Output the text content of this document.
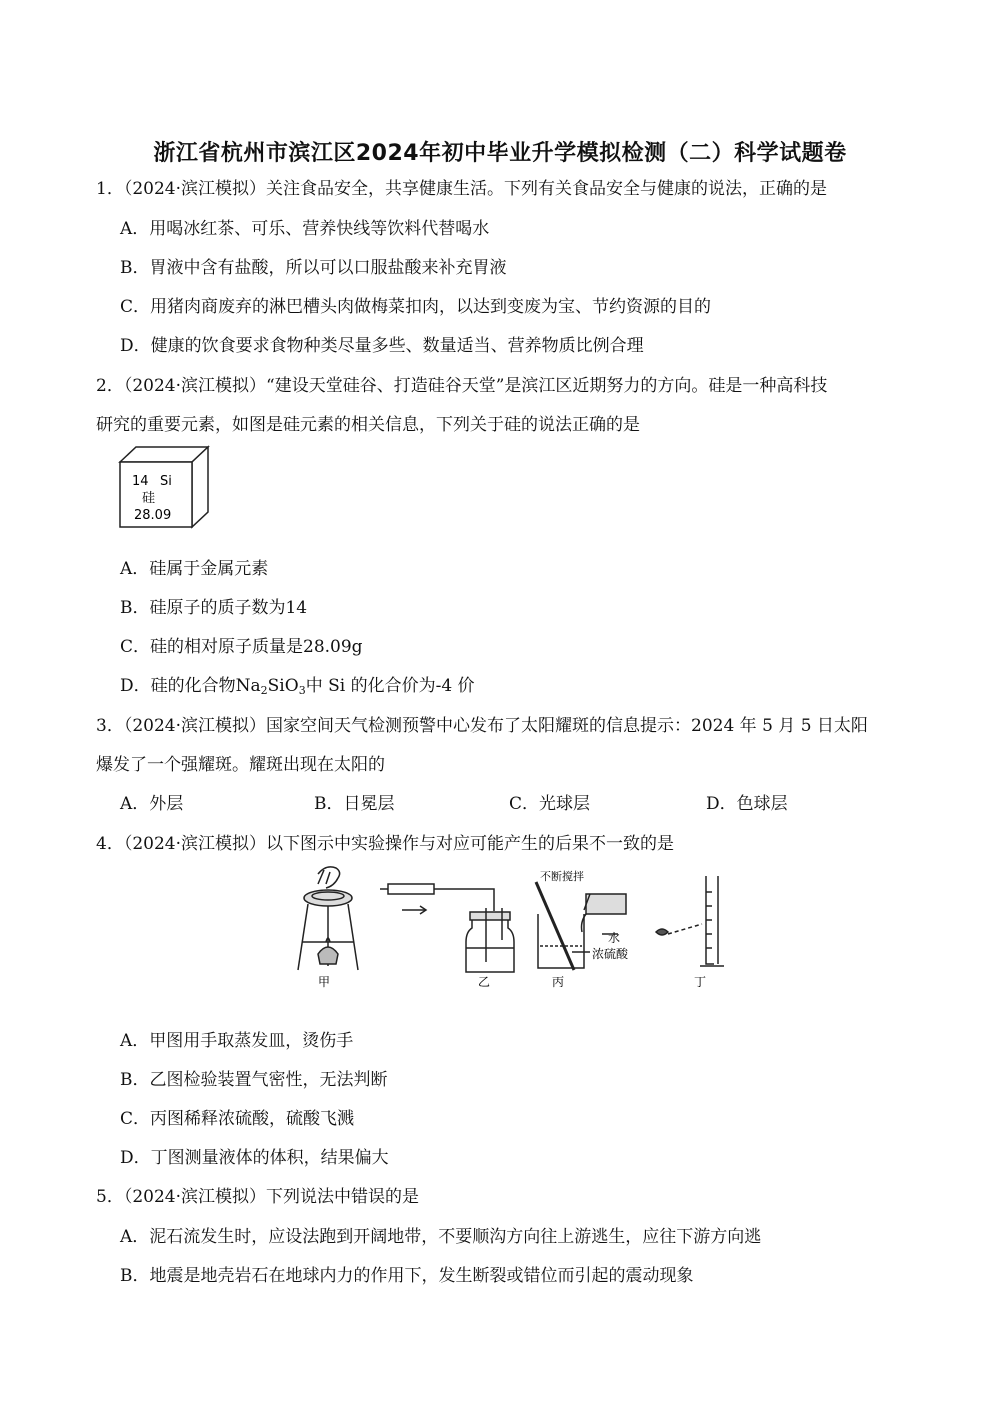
浙江省杭州市滨江区2024年初中毕业升学模拟检测（二）科学试题卷
1．（2024·滨江模拟）关注食品安全，共享健康生活。下列有关食品安全与健康的说法，正确的是
A．用喝冰红茶、可乐、营养快线等饮料代替喝水
B．胃液中含有盐酸，所以可以口服盐酸来补充胃液
C．用猪肉商废弃的淋巴槽头肉做梅菜扣肉，以达到变废为宝、节约资源的目的
D．健康的饮食要求食物种类尽量多些、数量适当、营养物质比例合理
2．（2024·滨江模拟）“建设天堂硅谷、打造硅谷天堂”是滨江区近期努力的方向。硅是一种高科技
研究的重要元素，如图是硅元素的相关信息，下列关于硅的说法正确的是
14 Si
硅
28.09
A．硅属于金属元素
B．硅原子的质子数为14
C．硅的相对原子质量是28.09g
D．硅的化合物$Na_2SiO_3$中 Si 的化合价为-4 价
3．（2024·滨江模拟）国家空间天气检测预警中心发布了太阳耀斑的信息提示：2024 年 5 月 5 日太阳
爆发了一个强耀斑。耀斑出现在太阳的
A．外层	B．日冕层	C．光球层	D．色球层
4．（2024·滨江模拟）以下图示中实验操作与对应可能产生的后果不一致的是
甲	乙
不断搅拌
水
浓硫酸
丙	丁
A．甲图用手取蒸发皿，烫伤手
B．乙图检验装置气密性，无法判断
C．丙图稀释浓硫酸，硫酸飞溅
D．丁图测量液体的体积，结果偏大
5．（2024·滨江模拟）下列说法中错误的是
A．泥石流发生时，应设法跑到开阔地带，不要顺沟方向往上游逃生，应往下游方向逃
B．地震是地壳岩石在地球内力的作用下，发生断裂或错位而引起的震动现象
